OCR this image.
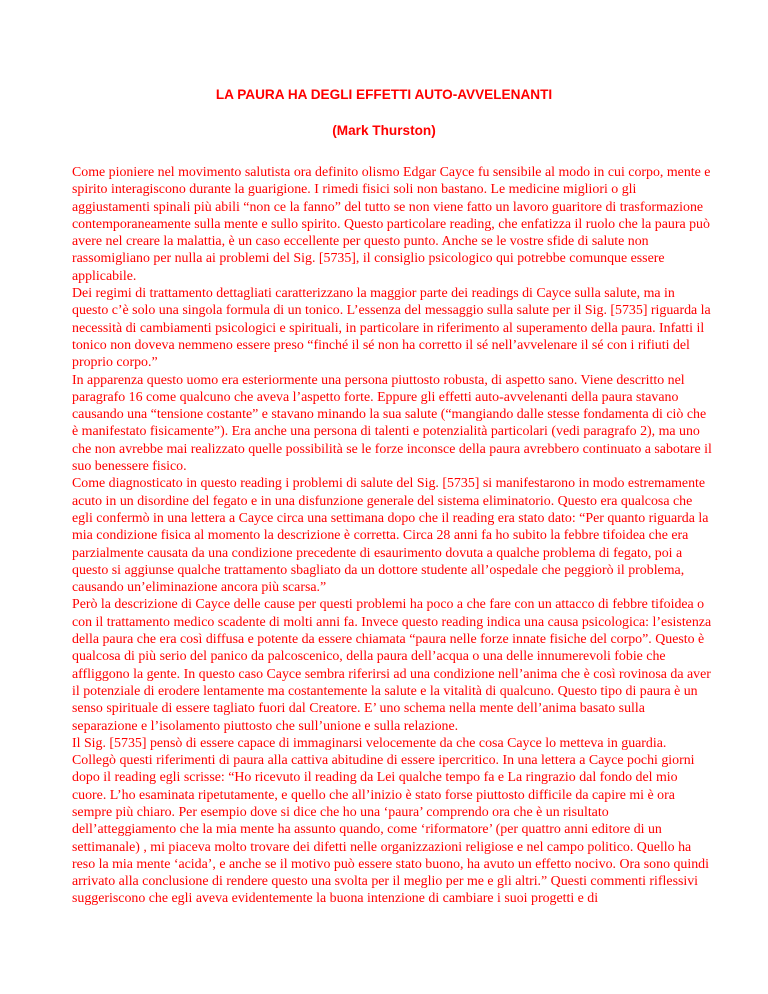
LA PAURA HA DEGLI EFFETTI AUTO-AVVELENANTI
(Mark Thurston)

Come pioniere nel movimento salutista ora definito olismo Edgar Cayce fu sensibile al modo in cui corpo, mente e spirito interagiscono durante la guarigione. I rimedi fisici soli non bastano. Le medicine migliori o gli aggiustamenti spinali più abili “non ce la fanno” del tutto se non viene fatto un lavoro guaritore di trasformazione contemporaneamente sulla mente e sullo spirito. Questo particolare reading, che enfatizza il ruolo che la paura può avere nel creare la malattia, è un caso eccellente per questo punto. Anche se le vostre sfide di salute non rassomigliano per nulla ai problemi del Sig. [5735], il consiglio psicologico qui potrebbe comunque essere applicabile.

Dei regimi di trattamento dettagliati caratterizzano la maggior parte dei readings di Cayce sulla salute, ma in questo c’è solo una singola formula di un tonico. L’essenza del messaggio sulla salute per il Sig. [5735] riguarda la necessità di cambiamenti psicologici e spirituali, in particolare in riferimento al superamento della paura. Infatti il tonico non doveva nemmeno essere preso “finché il sé non ha corretto il sé nell’avvelenare il sé con i rifiuti del proprio corpo.”

In apparenza questo uomo era esteriormente una persona piuttosto robusta, di aspetto sano. Viene descritto nel paragrafo 16 come qualcuno che aveva l’aspetto forte. Eppure gli effetti auto-avvelenanti della paura stavano causando una “tensione costante” e stavano minando la sua salute (“mangiando dalle stesse fondamenta di ciò che è manifestato fisicamente”). Era anche una persona di talenti e potenzialità particolari (vedi paragrafo 2), ma uno che non avrebbe mai realizzato quelle possibilità se le forze inconsce della paura avrebbero continuato a sabotare il suo benessere fisico.

Come diagnosticato in questo reading i problemi di salute del Sig. [5735] si manifestarono in modo estremamente acuto in un disordine del fegato e in una disfunzione generale del sistema eliminatorio. Questo era qualcosa che egli confermò in una lettera a Cayce circa una settimana dopo che il reading era stato dato: “Per quanto riguarda la mia condizione fisica al momento la descrizione è corretta. Circa 28 anni fa ho subito la febbre tifoidea che era parzialmente causata da una condizione precedente di esaurimento dovuta a qualche problema di fegato, poi a questo si aggiunse qualche trattamento sbagliato da un dottore studente all’ospedale che peggiorò il problema, causando un’eliminazione ancora più scarsa.”

Però la descrizione di Cayce delle cause per questi problemi ha poco a che fare con un attacco di febbre tifoidea o con il trattamento medico scadente di molti anni fa. Invece questo reading indica una causa psicologica: l’esistenza della paura che era così diffusa e potente da essere chiamata “paura nelle forze innate fisiche del corpo”. Questo è qualcosa di più serio del panico da palcoscenico, della paura dell’acqua o una delle innumerevoli fobie che affliggono la gente. In questo caso Cayce sembra riferirsi ad una condizione nell’anima che è così rovinosa da aver il potenziale di erodere lentamente ma costantemente la salute e la vitalità di qualcuno. Questo tipo di paura è un senso spirituale di essere tagliato fuori dal Creatore. E’ uno schema nella mente dell’anima basato sulla separazione e l’isolamento piuttosto che sull’unione e sulla relazione.

Il Sig. [5735] pensò di essere capace di immaginarsi velocemente da che cosa Cayce lo metteva in guardia. Collegò questi riferimenti di paura alla cattiva abitudine di essere ipercritico. In una lettera a Cayce pochi giorni dopo il reading egli scrisse: “Ho ricevuto il reading da Lei qualche tempo fa e La ringrazio dal fondo del mio cuore. L’ho esaminata ripetutamente, e quello che all’inizio è stato forse piuttosto difficile da capire mi è ora sempre più chiaro. Per esempio dove si dice che ho una ‘paura’ comprendo ora che è un risultato dell’atteggiamento che la mia mente ha assunto quando, come ‘riformatore’ (per quattro anni editore di un settimanale) , mi piaceva molto trovare dei difetti nelle organizzazioni religiose e nel campo politico. Quello ha reso la mia mente ‘acida’, e anche se il motivo può essere stato buono, ha avuto un effetto nocivo. Ora sono quindi arrivato alla conclusione di rendere questo una svolta per il meglio per me e gli altri.” Questi commenti riflessivi suggeriscono che egli aveva evidentemente la buona intenzione di cambiare i suoi progetti e di
